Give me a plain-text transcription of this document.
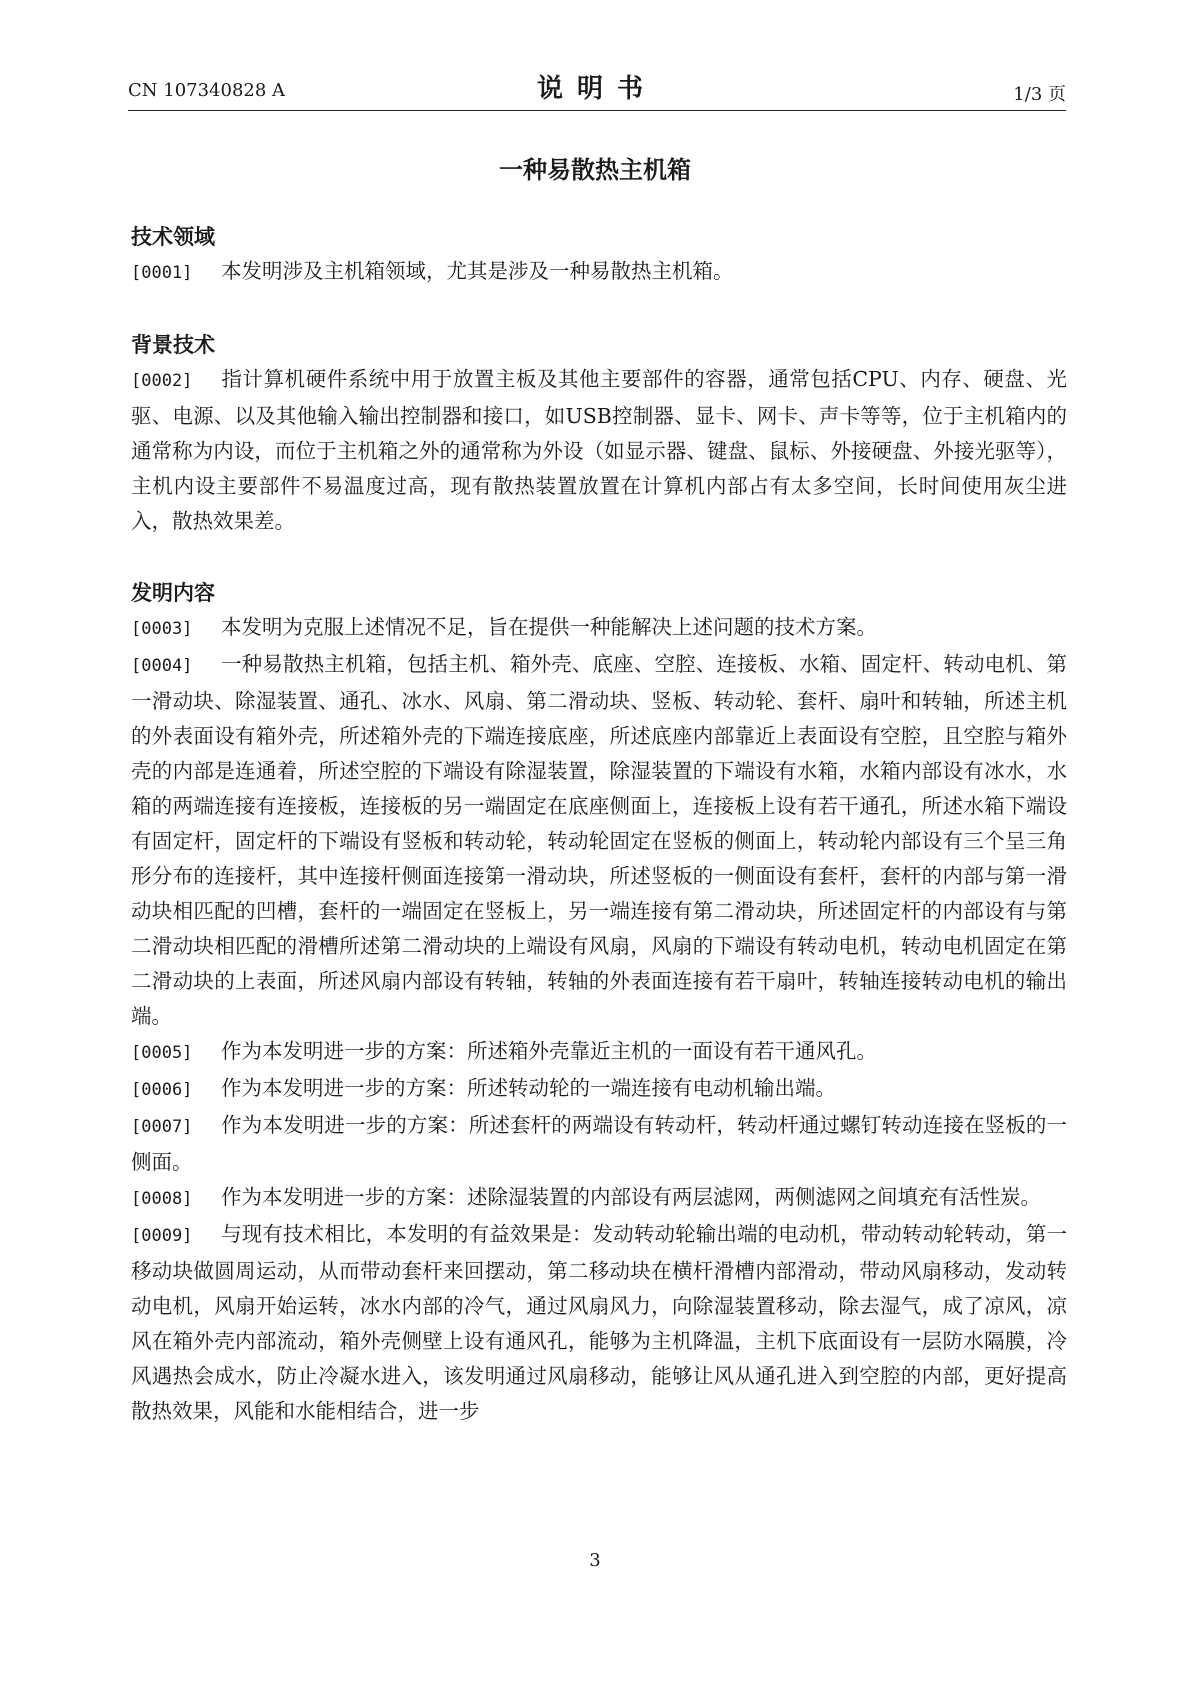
CN 107340828 A	说明书	1/3 页
一种易散热主机箱
技术领域

[0001] 本发明涉及主机箱领域，尤其是涉及一种易散热主机箱。

背景技术

[0002] 指计算机硬件系统中用于放置主板及其他主要部件的容器，通常包括CPU、内存、硬盘、光驱、电源、以及其他输入输出控制器和接口，如USB控制器、显卡、网卡、声卡等等，位于主机箱内的通常称为内设，而位于主机箱之外的通常称为外设（如显示器、键盘、鼠标、外接硬盘、外接光驱等），主机内设主要部件不易温度过高，现有散热装置放置在计算机内部占有太多空间，长时间使用灰尘进入，散热效果差。

发明内容

[0003] 本发明为克服上述情况不足，旨在提供一种能解决上述问题的技术方案。

[0004] 一种易散热主机箱，包括主机、箱外壳、底座、空腔、连接板、水箱、固定杆、转动电机、第一滑动块、除湿装置、通孔、冰水、风扇、第二滑动块、竖板、转动轮、套杆、扇叶和转轴，所述主机的外表面设有箱外壳，所述箱外壳的下端连接底座，所述底座内部靠近上表面设有空腔，且空腔与箱外壳的内部是连通着，所述空腔的下端设有除湿装置，除湿装置的下端设有水箱，水箱内部设有冰水，水箱的两端连接有连接板，连接板的另一端固定在底座侧面上，连接板上设有若干通孔，所述水箱下端设有固定杆，固定杆的下端设有竖板和转动轮，转动轮固定在竖板的侧面上，转动轮内部设有三个呈三角形分布的连接杆，其中连接杆侧面连接第一滑动块，所述竖板的一侧面设有套杆，套杆的内部与第一滑动块相匹配的凹槽，套杆的一端固定在竖板上，另一端连接有第二滑动块，所述固定杆的内部设有与第二滑动块相匹配的滑槽所述第二滑动块的上端设有风扇，风扇的下端设有转动电机，转动电机固定在第二滑动块的上表面，所述风扇内部设有转轴，转轴的外表面连接有若干扇叶，转轴连接转动电机的输出端。

[0005] 作为本发明进一步的方案：所述箱外壳靠近主机的一面设有若干通风孔。

[0006] 作为本发明进一步的方案：所述转动轮的一端连接有电动机输出端。

[0007] 作为本发明进一步的方案：所述套杆的两端设有转动杆，转动杆通过螺钉转动连接在竖板的一侧面。

[0008] 作为本发明进一步的方案：述除湿装置的内部设有两层滤网，两侧滤网之间填充有活性炭。

[0009] 与现有技术相比，本发明的有益效果是：发动转动轮输出端的电动机，带动转动轮转动，第一移动块做圆周运动，从而带动套杆来回摆动，第二移动块在横杆滑槽内部滑动，带动风扇移动，发动转动电机，风扇开始运转，冰水内部的冷气，通过风扇风力，向除湿装置移动，除去湿气，成了凉风，凉风在箱外壳内部流动，箱外壳侧壁上设有通风孔，能够为主机降温，主机下底面设有一层防水隔膜，冷风遇热会成水，防止冷凝水进入，该发明通过风扇移动，能够让风从通孔进入到空腔的内部，更好提高散热效果，风能和水能相结合，进一步

3
